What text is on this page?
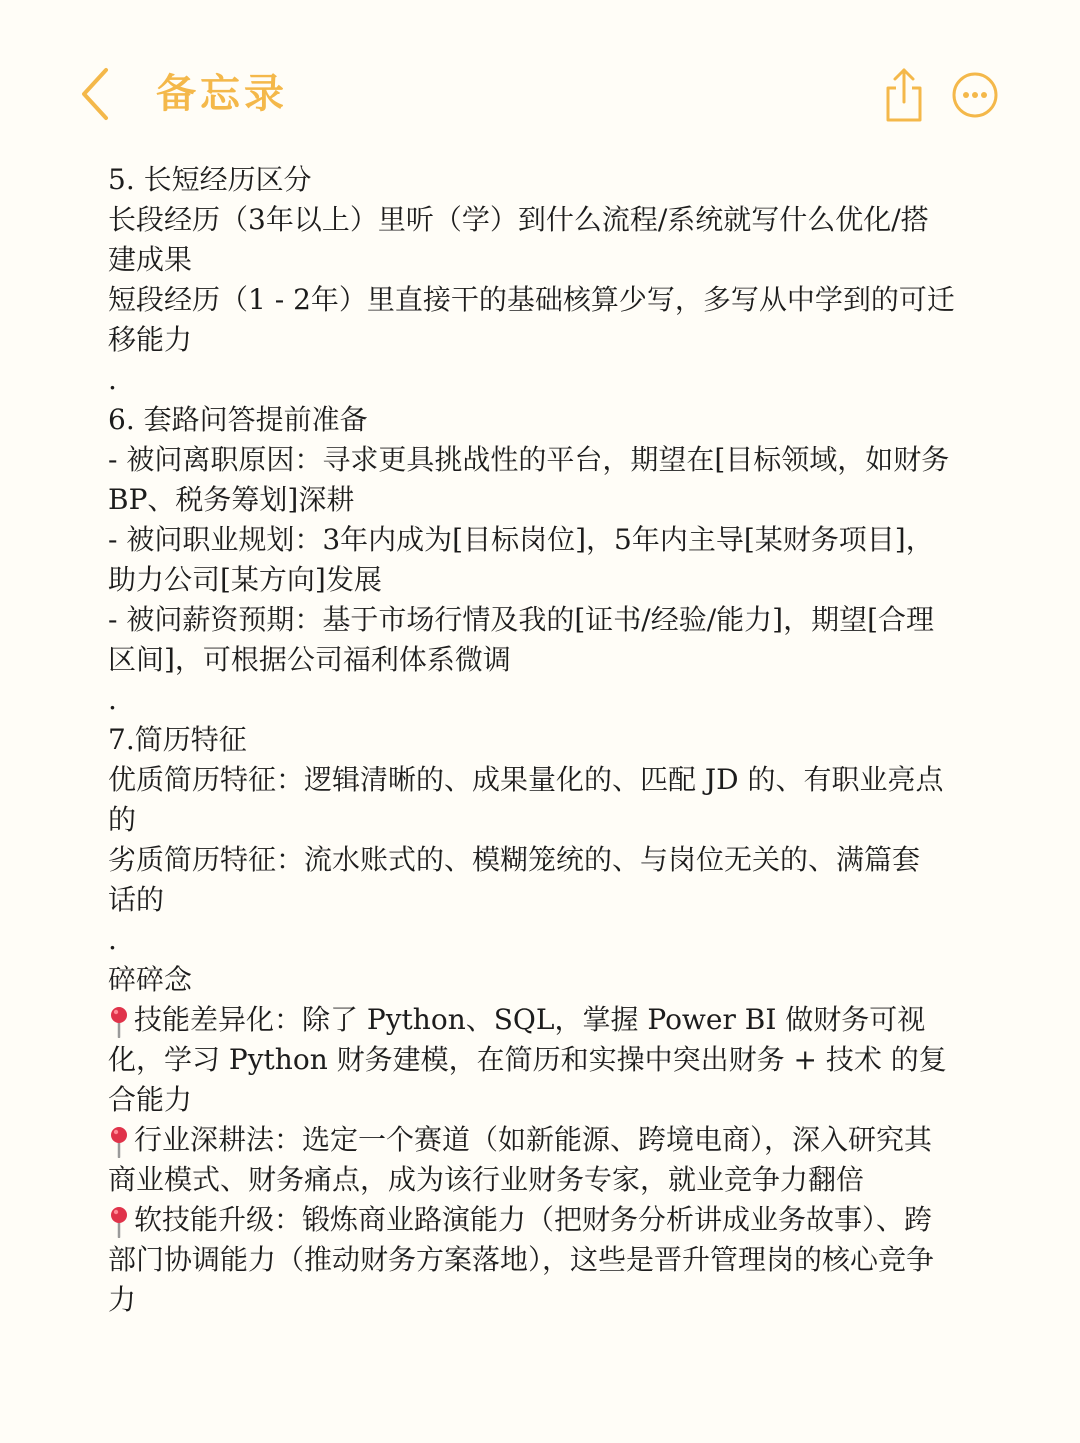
备忘录
5. 长短经历区分
长段经历（3年以上）里听（学）到什么流程/系统就写什么优化/搭
建成果
短段经历（1 - 2年）里直接干的基础核算少写，多写从中学到的可迁
移能力
.
6. 套路问答提前准备
- 被问离职原因：寻求更具挑战性的平台，期望在[目标领域，如财务
BP、税务筹划]深耕
- 被问职业规划：3年内成为[目标岗位]，5年内主导[某财务项目]，
助力公司[某方向]发展
- 被问薪资预期：基于市场行情及我的[证书/经验/能力]，期望[合理
区间]，可根据公司福利体系微调
.
7.简历特征
优质简历特征：逻辑清晰的、成果量化的、匹配 JD 的、有职业亮点
的
劣质简历特征：流水账式的、模糊笼统的、与岗位无关的、满篇套
话的
.
碎碎念
技能差异化：除了 Python、SQL，掌握 Power BI 做财务可视
化，学习 Python 财务建模，在简历和实操中突出财务 + 技术 的复
合能力
行业深耕法：选定一个赛道（如新能源、跨境电商），深入研究其
商业模式、财务痛点，成为该行业财务专家，就业竞争力翻倍
软技能升级：锻炼商业路演能力（把财务分析讲成业务故事）、跨
部门协调能力（推动财务方案落地），这些是晋升管理岗的核心竞争
力
